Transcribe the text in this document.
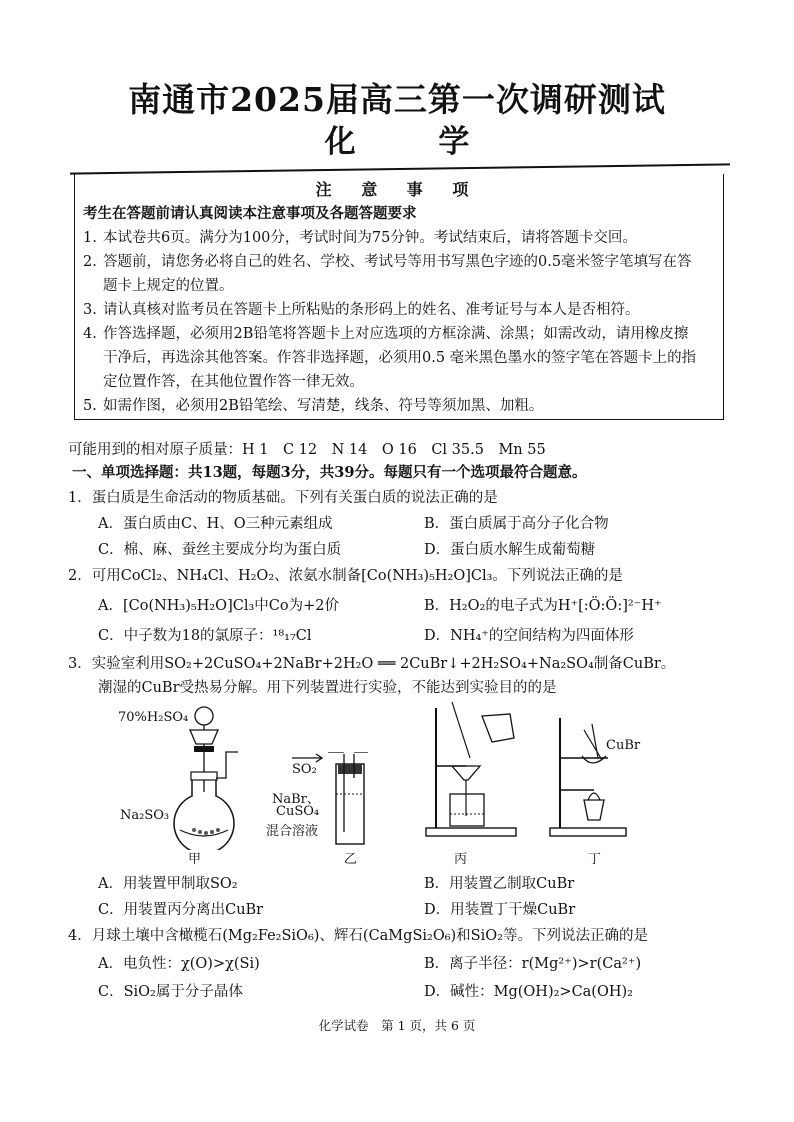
南通市2025届高三第一次调研测试
化 学
注 意 事 项
考生在答题前请认真阅读本注意事项及各题答题要求
1. 本试卷共6页。满分为100分，考试时间为75分钟。考试结束后，请将答题卡交回。
2. 答题前，请您务必将自己的姓名、学校、考试号等用书写黑色字迹的0.5毫米签字笔填写在答
题卡上规定的位置。
3. 请认真核对监考员在答题卡上所粘贴的条形码上的姓名、准考证号与本人是否相符。
4. 作答选择题，必须用2B铅笔将答题卡上对应选项的方框涂满、涂黑；如需改动，请用橡皮擦
干净后，再选涂其他答案。作答非选择题，必须用0.5 毫米黑色墨水的签字笔在答题卡上的指
定位置作答，在其他位置作答一律无效。
5. 如需作图，必须用2B铅笔绘、写清楚，线条、符号等须加黑、加粗。
可能用到的相对原子质量：H 1　C 12　N 14　O 16　Cl 35.5　Mn 55
一、单项选择题：共13题，每题3分，共39分。每题只有一个选项最符合题意。
1．蛋白质是生命活动的物质基础。下列有关蛋白质的说法正确的是
A．蛋白质由C、H、O三种元素组成	B．蛋白质属于高分子化合物
C．棉、麻、蚕丝主要成分均为蛋白质	D．蛋白质水解生成葡萄糖
2．可用CoCl₂、NH₄Cl、H₂O₂、浓氨水制备[Co(NH₃)₅H₂O]Cl₃。下列说法正确的是
A．[Co(NH₃)₅H₂O]Cl₃中Co为+2价	B．H₂O₂的电子式为H⁺[:Ö:Ö:]²⁻H⁺
C．中子数为18的氯原子：¹⁸₁₇Cl	D．NH₄⁺的空间结构为四面体形
3．实验室利用SO₂+2CuSO₄+2NaBr+2H₂O ══ 2CuBr↓+2H₂SO₄+Na₂SO₄制备CuBr。
潮湿的CuBr受热易分解。用下列装置进行实验，不能达到实验目的的是
70%H₂SO₄
Na₂SO₃
SO₂
NaBr、
CuSO₄
混合溶液
CuBr
甲	乙	丙	丁
A．用装置甲制取SO₂	B．用装置乙制取CuBr
C．用装置丙分离出CuBr	D．用装置丁干燥CuBr
4．月球土壤中含橄榄石(Mg₂Fe₂SiO₆)、辉石(CaMgSi₂O₆)和SiO₂等。下列说法正确的是
A．电负性：χ(O)>χ(Si)	B．离子半径：r(Mg²⁺)>r(Ca²⁺)
C．SiO₂属于分子晶体	D．碱性：Mg(OH)₂>Ca(OH)₂
化学试卷　第 1 页，共 6 页
